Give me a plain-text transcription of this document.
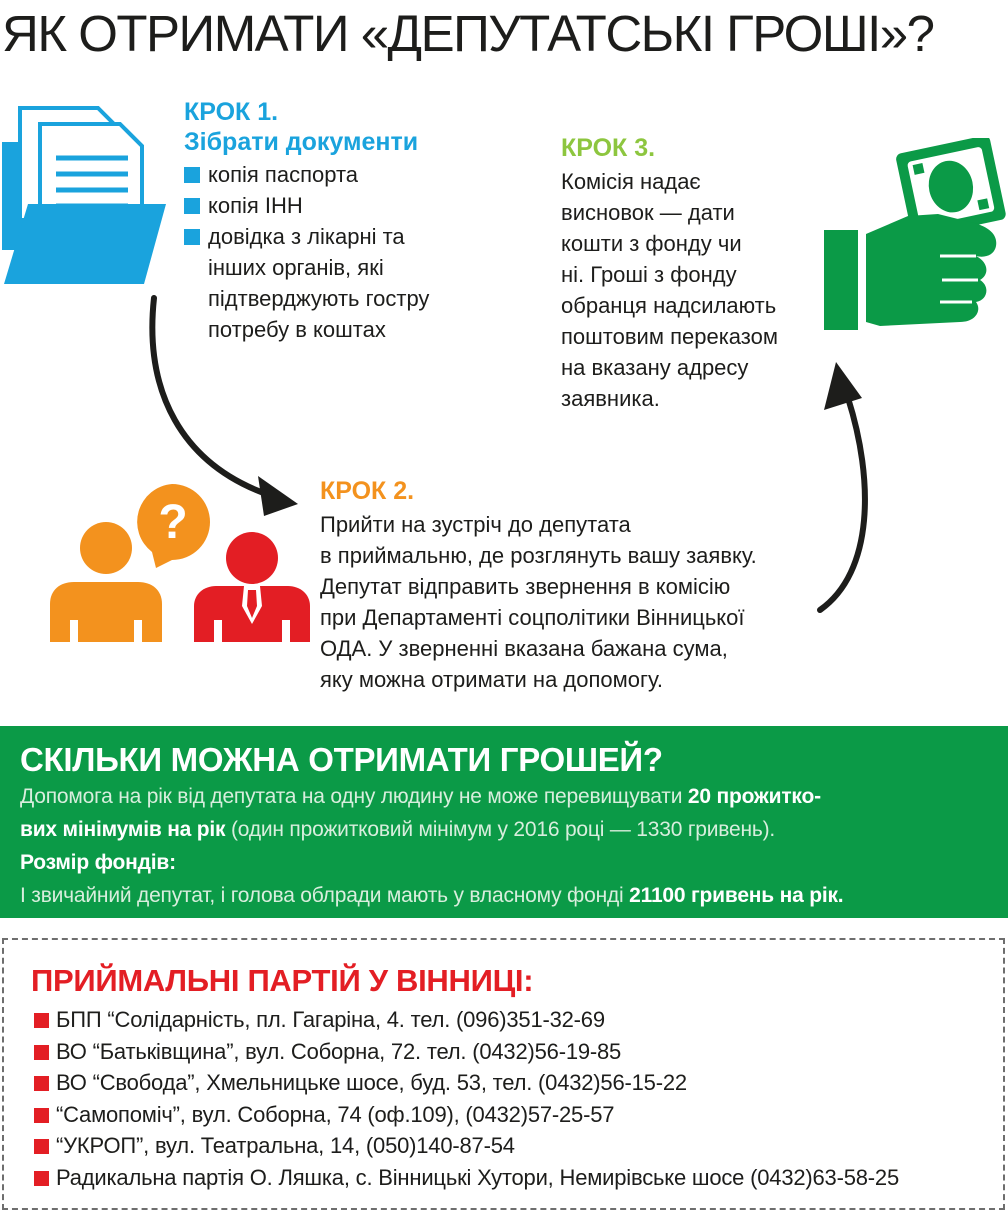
ЯК ОТРИМАТИ «ДЕПУТАТСЬКІ ГРОШІ»?
КРОК 1.
Зібрати документи
копія паспорта
копія ІНН
довідка з лікарні та
інших органів, які
підтверджують гостру
потребу в коштах
КРОК 3.
Комісія надає
висновок — дати
кошти з фонду чи
ні. Гроші з фонду
обранця надсилають
поштовим переказом
на вказану адресу
заявника.
?
КРОК 2.
Прийти на зустріч до депутата
в приймальню, де розглянуть вашу заявку.
Депутат відправить звернення в комісію
при Департаменті соцполітики Вінницької
ОДА. У зверненні вказана бажана сума,
яку можна отримати на допомогу.
СКІЛЬКИ МОЖНА ОТРИМАТИ ГРОШЕЙ?
Допомога на рік від депутата на одну людину не може перевищувати 20 прожитко-
вих мінімумів на рік (один прожитковий мінімум у 2016 році — 1330 гривень).
Розмір фондів:
І звичайний депутат, і голова облради мають у власному фонді 21100 гривень на рік.
ПРИЙМАЛЬНІ ПАРТІЙ У ВІННИЦІ:
БПП “Солідарність, пл. Гагаріна, 4. тел. (096)351-32-69
ВО “Батьківщина”, вул. Соборна, 72. тел. (0432)56-19-85
ВО “Свобода”, Хмельницьке шосе, буд. 53, тел. (0432)56-15-22
“Самопоміч”, вул. Соборна, 74 (оф.109), (0432)57-25-57
“УКРОП”, вул. Театральна, 14, (050)140-87-54
Радикальна партія О. Ляшка, с. Вінницькі Хутори, Немирівське шосе (0432)63-58-25
